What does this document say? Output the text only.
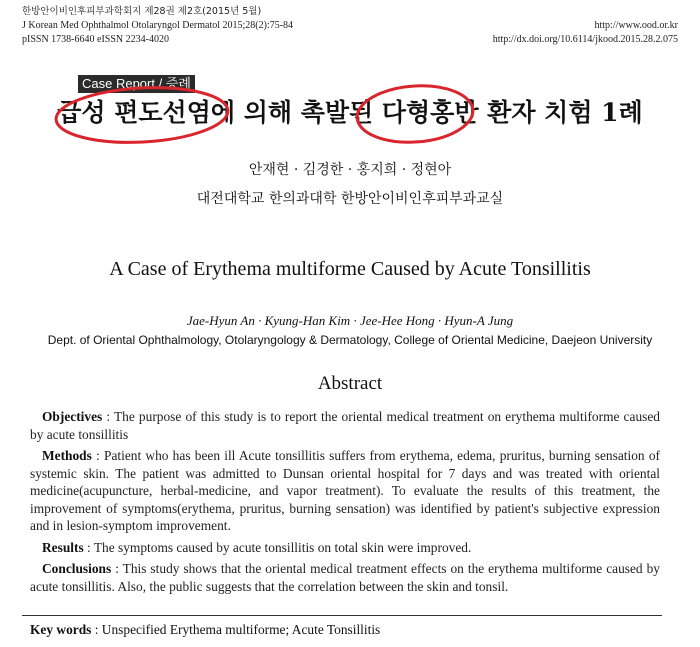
한방안이비인후피부과학회지 제28권 제2호(2015년 5월)
J Korean Med Ophthalmol Otolaryngol Dermatol 2015;28(2):75-84
pISSN 1738-6640 eISSN 2234-4020
http://www.ood.or.kr
http://dx.doi.org/10.6114/jkood.2015.28.2.075
Case Report / 증례
급성 편도선염에 의해 촉발된 다형홍반 환자 치험 1례
안재현 · 김경한 · 홍지희 · 정현아
대전대학교 한의과대학 한방안이비인후피부과교실
A Case of Erythema multiforme Caused by Acute Tonsillitis
Jae-Hyun An · Kyung-Han Kim · Jee-Hee Hong · Hyun-A Jung
Dept. of Oriental Ophthalmology, Otolaryngology & Dermatology, College of Oriental Medicine, Daejeon University
Abstract

Objectives : The purpose of this study is to report the oriental medical treatment on erythema multiforme caused by acute tonsillitis

Methods : Patient who has been ill Acute tonsillitis suffers from erythema, edema, pruritus, burning sensation of systemic skin. The patient was admitted to Dunsan oriental hospital for 7 days and was treated with oriental medicine(acupuncture, herbal-medicine, and vapor treatment). To evaluate the results of this treatment, the improvement of symptoms(erythema, pruritus, burning sensation) was identified by patient's subjective expression and in lesion-symptom improvement.

Results : The symptoms caused by acute tonsillitis on total skin were improved.

Conclusions : This study shows that the oriental medical treatment effects on the erythema multiforme caused by acute tonsillitis. Also, the public suggests that the correlation between the skin and tonsil.

Key words : Unspecified Erythema multiforme; Acute Tonsillitis
